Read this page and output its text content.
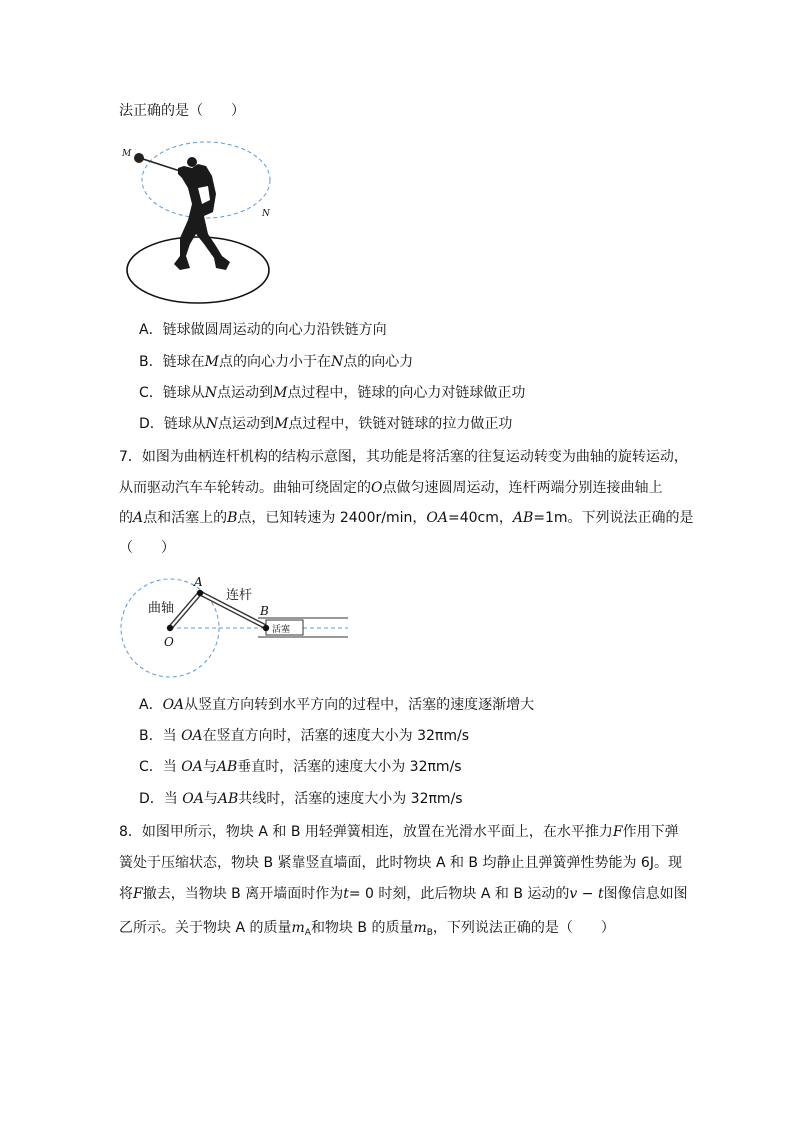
法正确的是（　　）
M
N
A．链球做圆周运动的向心力沿铁链方向
B．链球在M点的向心力小于在N点的向心力
C．链球从N点运动到M点过程中，链球的向心力对链球做正功
D．链球从N点运动到M点过程中，铁链对链球的拉力做正功
7．如图为曲柄连杆机构的结构示意图，其功能是将活塞的往复运动转变为曲轴的旋转运动，
从而驱动汽车车轮转动。曲轴可绕固定的O点做匀速圆周运动，连杆两端分别连接曲轴上
的A点和活塞上的B点，已知转速为 2400r/min，OA=40cm，AB=1m。下列说法正确的是
（　　）
曲轴
连杆
A
B
O
活塞
A．OA从竖直方向转到水平方向的过程中，活塞的速度逐渐增大
B．当 OA在竖直方向时，活塞的速度大小为 32πm/s
C．当 OA与AB垂直时，活塞的速度大小为 32πm/s
D．当 OA与AB共线时，活塞的速度大小为 32πm/s
8．如图甲所示，物块 A 和 B 用轻弹簧相连，放置在光滑水平面上，在水平推力F作用下弹
簧处于压缩状态，物块 B 紧靠竖直墙面，此时物块 A 和 B 均静止且弹簧弹性势能为 6J。现
将F撤去，当物块 B 离开墙面时作为t= 0 时刻，此后物块 A 和 B 运动的v − t图像信息如图
乙所示。关于物块 A 的质量$m_A$和物块 B 的质量$m_B$，下列说法正确的是（　　）
